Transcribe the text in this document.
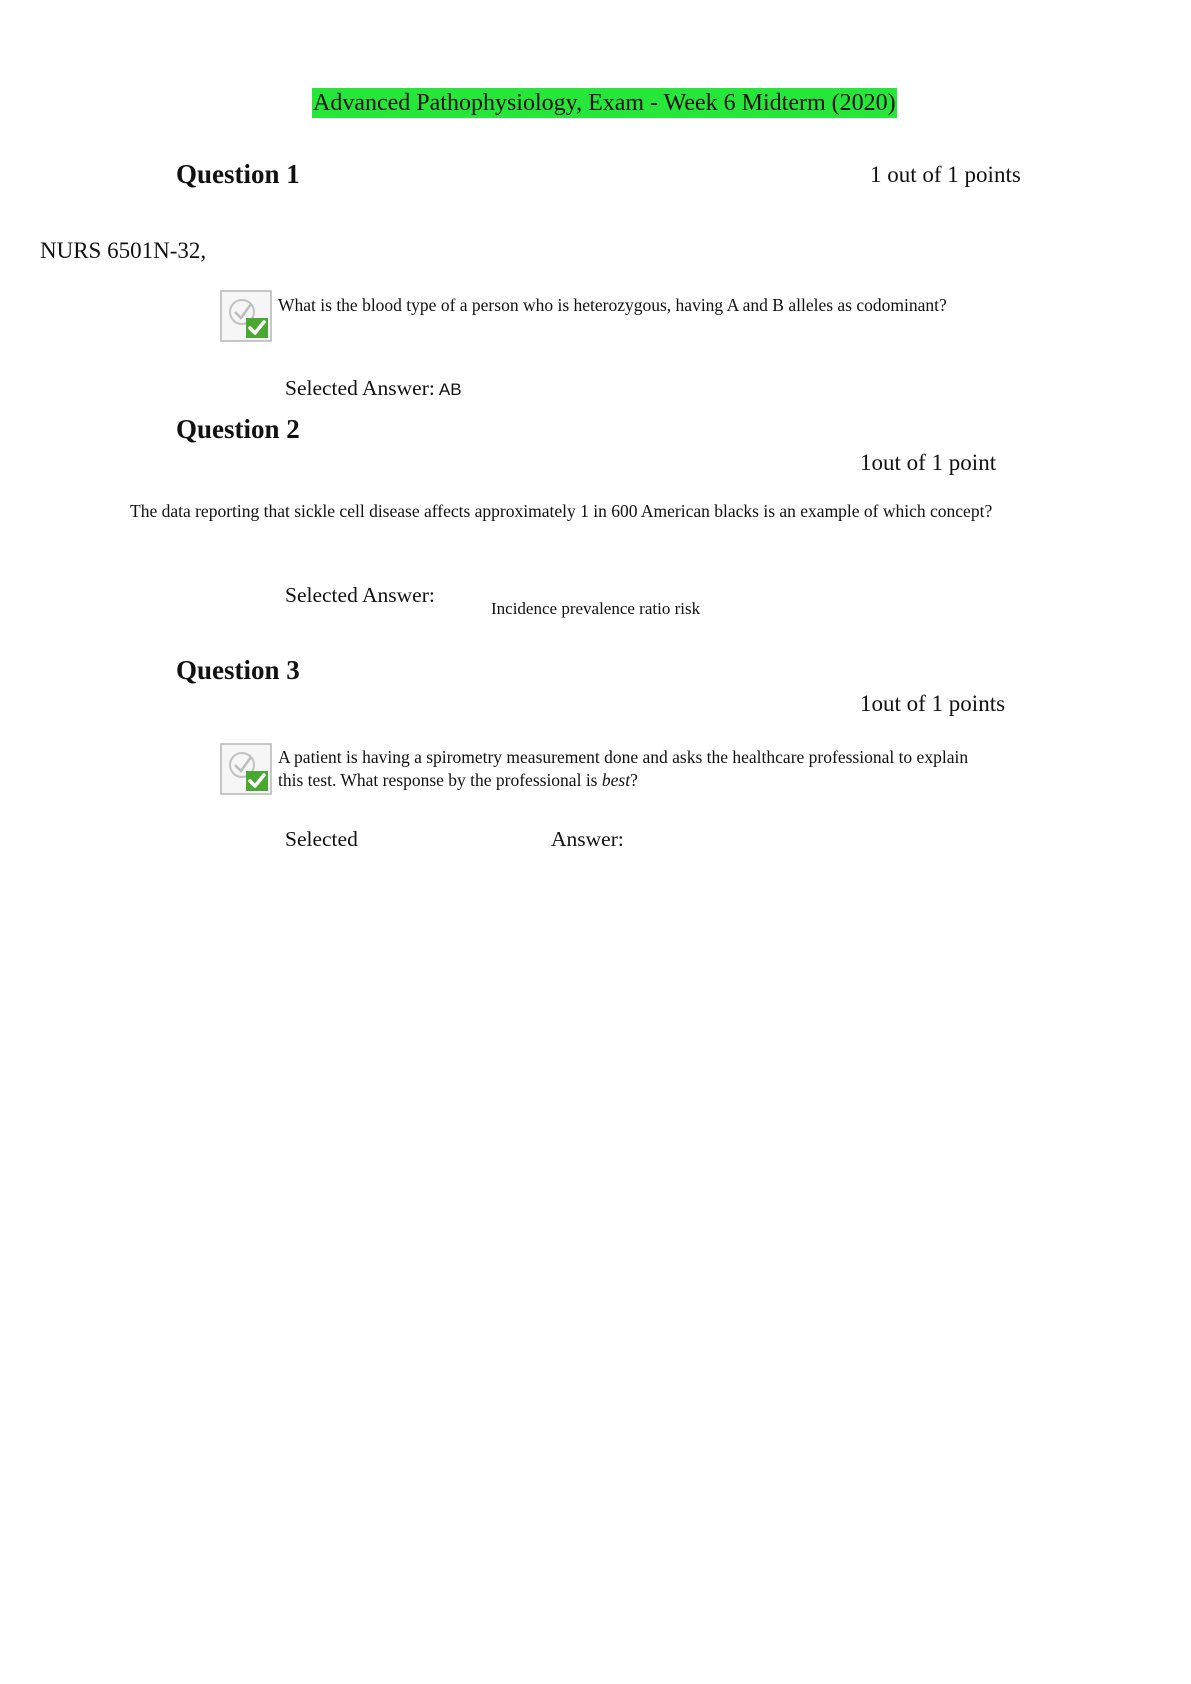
Advanced Pathophysiology, Exam - Week 6 Midterm (2020)
Question 1	1 out of 1 points
NURS 6501N-32,
What is the blood type of a person who is heterozygous, having A and B alleles as codominant?
Selected Answer: AB
Question 2
1out of 1 point
The data reporting that sickle cell disease affects approximately 1 in 600 American blacks is an example of which concept?
Selected Answer:
Incidence prevalence ratio risk
Question 3
1out of 1 points
A patient is having a spirometry measurement done and asks the healthcare professional to explain this test. What response by the professional is best?
Selected	Answer:
